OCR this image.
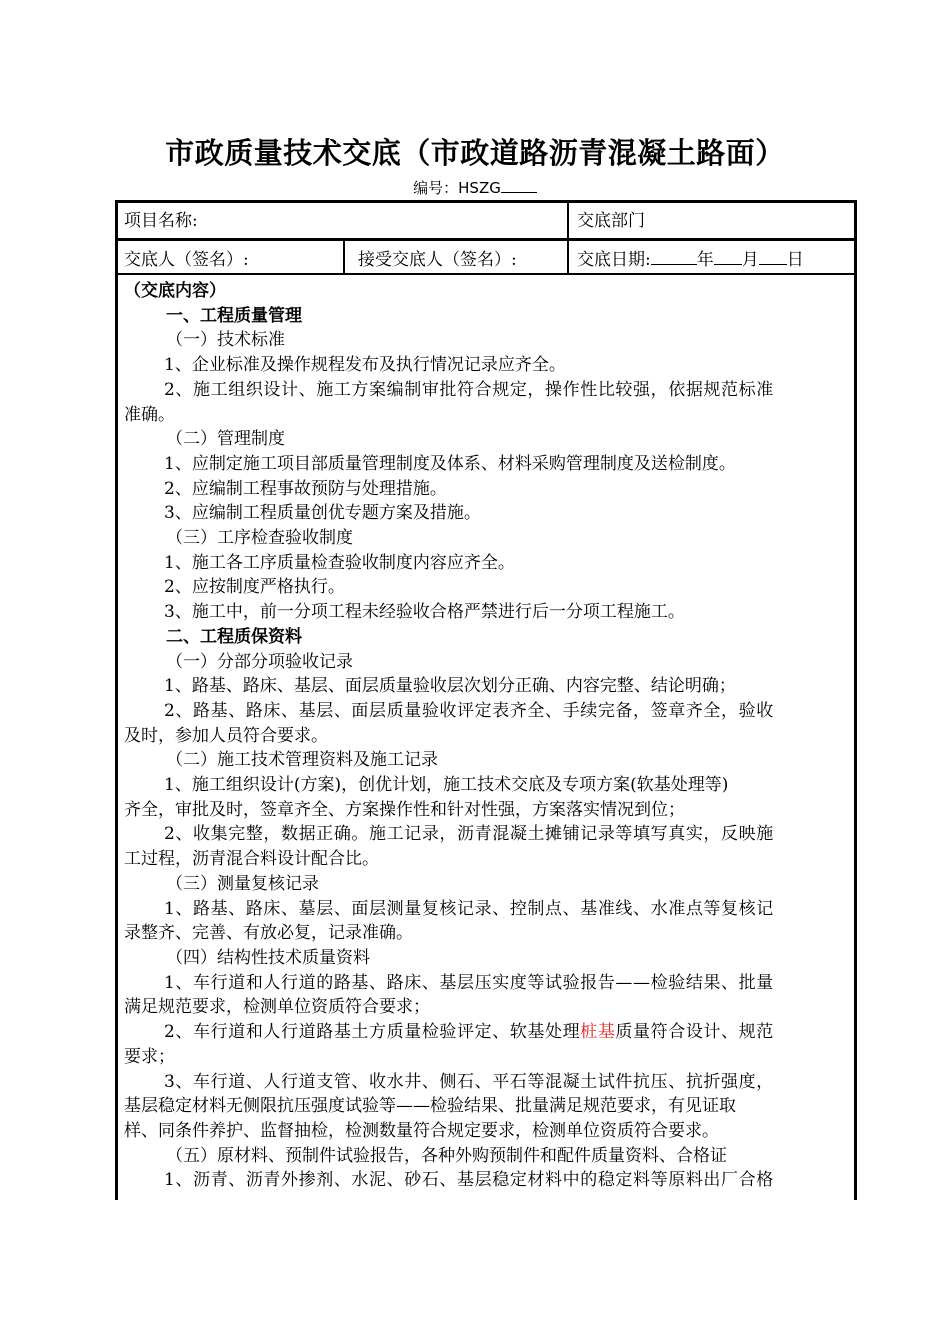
市政质量技术交底（市政道路沥青混凝土路面）
编号：HSZG
项目名称:	交底部门
交底人（签名）:	接受交底人（签名）:	交底日期:	年 月 日

（交底内容）

一、工程质量管理

（一）技术标准

1、企业标准及操作规程发布及执行情况记录应齐全。

2、施工组织设计、施工方案编制审批符合规定，操作性比较强，依据规范标准

准确。

（二）管理制度

1、应制定施工项目部质量管理制度及体系、材料采购管理制度及送检制度。

2、应编制工程事故预防与处理措施。

3、应编制工程质量创优专题方案及措施。

（三）工序检查验收制度

1、施工各工序质量检查验收制度内容应齐全。

2、应按制度严格执行。

3、施工中，前一分项工程未经验收合格严禁进行后一分项工程施工。

二、工程质保资料

（一）分部分项验收记录

1、路基、路床、基层、面层质量验收层次划分正确、内容完整、结论明确；

2、路基、路床、基层、面层质量验收评定表齐全、手续完备，签章齐全，验收

及时，参加人员符合要求。

（二）施工技术管理资料及施工记录

1、施工组织设计(方案)，创优计划，施工技术交底及专项方案(软基处理等)

齐全，审批及时，签章齐全、方案操作性和针对性强，方案落实情况到位；

2、收集完整，数据正确。施工记录，沥青混凝土摊铺记录等填写真实，反映施

工过程，沥青混合料设计配合比。

（三）测量复核记录

1、路基、路床、墓层、面层测量复核记录、控制点、基准线、水准点等复核记

录整齐、完善、有放必复，记录准确。

（四）结构性技术质量资料

1、车行道和人行道的路基、路床、基层压实度等试验报告——检验结果、批量

满足规范要求，检测单位资质符合要求；

2、车行道和人行道路基土方质量检验评定、软基处理桩基质量符合设计、规范

要求；

3、车行道、人行道支管、收水井、侧石、平石等混凝土试件抗压、抗折强度，

基层稳定材料无侧限抗压强度试验等——检验结果、批量满足规范要求，有见证取

样、同条件养护、监督抽检，检测数量符合规定要求，检测单位资质符合要求。

（五）原材料、预制件试验报告，各种外购预制件和配件质量资料、合格证

1、沥青、沥青外掺剂、水泥、砂石、基层稳定材料中的稳定料等原料出厂合格
